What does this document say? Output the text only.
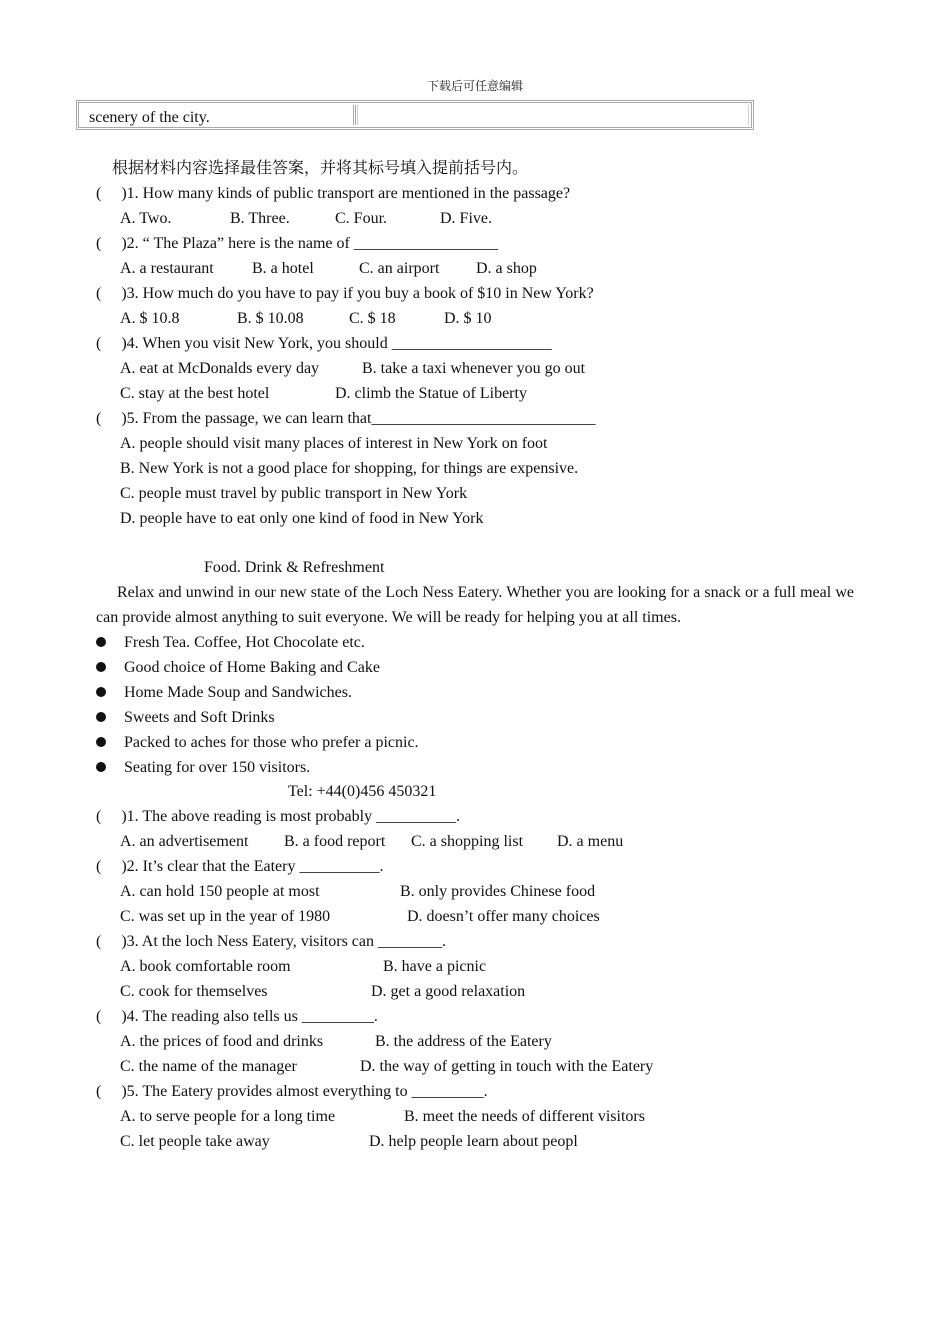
下载后可任意编辑
scenery of the city.
根据材料内容选择最佳答案，并将其标号填入提前括号内。
(     )1. How many kinds of public transport are mentioned in the passage?
A. Two.	B. Three.	C. Four.	D. Five.
(     )2. “ The Plaza” here is the name of __________________
A. a restaurant B. a hotel	C. an airport D. a shop
(     )3. How much do you have to pay if you buy a book of $10 in New York?
A. $ 10.8	B. $ 10.08	C. $ 18	D. $ 10
(     )4. When you visit New York, you should ____________________
A. eat at McDonalds every day	B. take a taxi whenever you go out
C. stay at the best hotel	D. climb the Statue of Liberty
(     )5. From the passage, we can learn that____________________________
A. people should visit many places of interest in New York on foot
B. New York is not a good place for shopping, for things are expensive.
C. people must travel by public transport in New York
D. people have to eat only one kind of food in New York
Food. Drink & Refreshment
Relax and unwind in our new state of the Loch Ness Eatery. Whether you are looking for a snack or a full meal we can provide almost anything to suit everyone. We will be ready for helping you at all times.
Fresh Tea. Coffee, Hot Chocolate etc.
Good choice of Home Baking and Cake
Home Made Soup and Sandwiches.
Sweets and Soft Drinks
Packed to aches for those who prefer a picnic.
Seating for over 150 visitors.
Tel: +44(0)456 450321
(     )1. The above reading is most probably __________.
A. an advertisement B. a food report C. a shopping list D. a menu
(     )2. It’s clear that the Eatery __________.
A. can hold 150 people at most	B. only provides Chinese food
C. was set up in the year of 1980	D. doesn’t offer many choices
(     )3. At the loch Ness Eatery, visitors can ________.
A. book comfortable room	B. have a picnic
C. cook for themselves	D. get a good relaxation
(     )4. The reading also tells us _________.
A. the prices of food and drinks	B. the address of the Eatery
C. the name of the manager	D. the way of getting in touch with the Eatery
(     )5. The Eatery provides almost everything to _________.
A. to serve people for a long time	B. meet the needs of different visitors
C. let people take away	D. help people learn about peopl
